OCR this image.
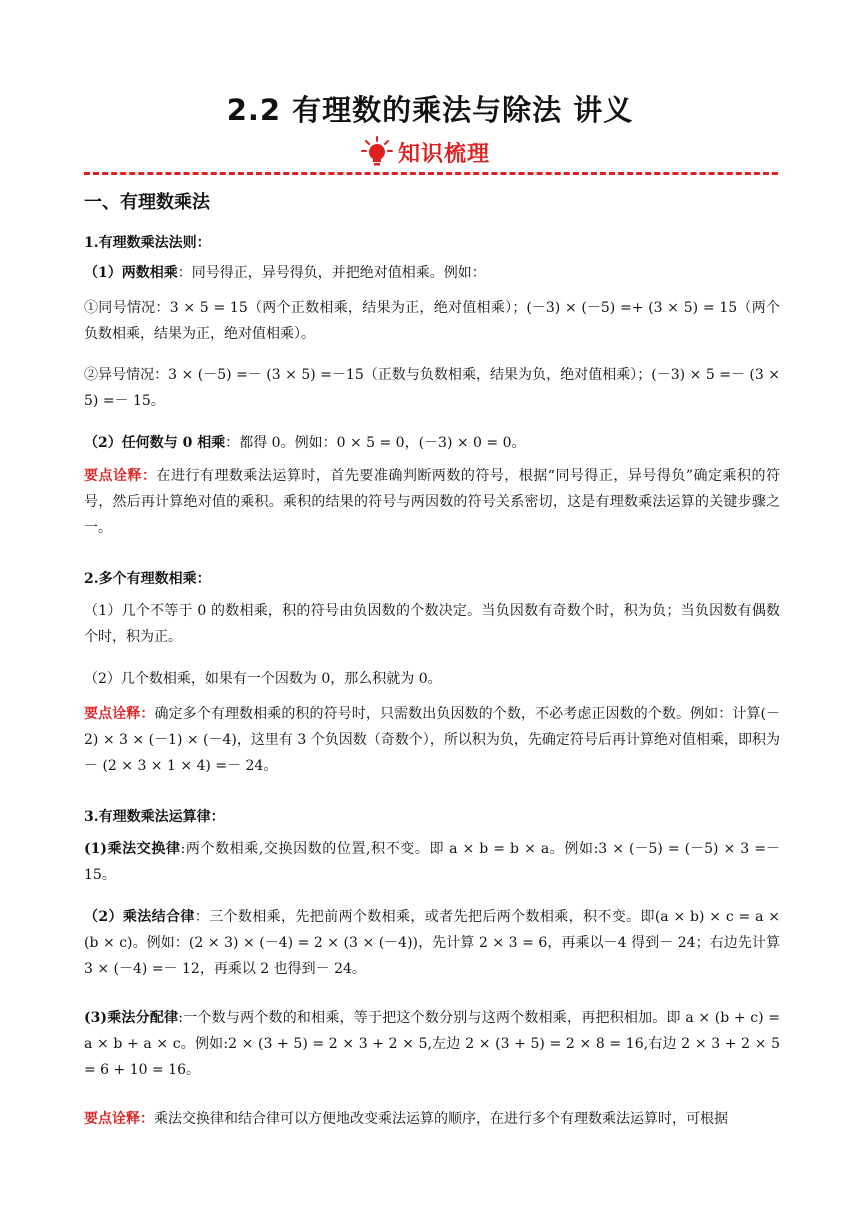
2.2 有理数的乘法与除法 讲义
知识梳理
一、有理数乘法
1.有理数乘法法则：
（1）两数相乘：同号得正，异号得负，并把绝对值相乘。例如：
①同号情况：3 × 5 = 15（两个正数相乘，结果为正，绝对值相乘）；(－3) × (－5) =+ (3 × 5) = 15（两个负数相乘，结果为正，绝对值相乘）。
②异号情况：3 × (－5) =－ (3 × 5) =－15（正数与负数相乘，结果为负，绝对值相乘）；(－3) × 5 =－ (3 × 5) =－ 15。
（2）任何数与 0 相乘：都得 0。例如：0 × 5 = 0，(－3) × 0 = 0。
要点诠释：在进行有理数乘法运算时，首先要准确判断两数的符号，根据“同号得正，异号得负”确定乘积的符号，然后再计算绝对值的乘积。乘积的结果的符号与两因数的符号关系密切，这是有理数乘法运算的关键步骤之一。
2.多个有理数相乘：
（1）几个不等于 0 的数相乘，积的符号由负因数的个数决定。当负因数有奇数个时，积为负；当负因数有偶数个时，积为正。
（2）几个数相乘，如果有一个因数为 0，那么积就为 0。
要点诠释：确定多个有理数相乘的积的符号时，只需数出负因数的个数，不必考虑正因数的个数。例如：计算(－2) × 3 × (－1) × (－4)，这里有 3 个负因数（奇数个），所以积为负，先确定符号后再计算绝对值相乘，即积为－ (2 × 3 × 1 × 4) =－ 24。
3.有理数乘法运算律：
(1)乘法交换律:两个数相乘,交换因数的位置,积不变。即 a × b = b × a。例如:3 × (－5) = (－5) × 3 =－15。
（2）乘法结合律：三个数相乘，先把前两个数相乘，或者先把后两个数相乘，积不变。即(a × b) × c = a × (b × c)。例如：(2 × 3) × (－4) = 2 × (3 × (－4))，先计算 2 × 3 = 6，再乘以－4 得到－ 24；右边先计算 3 × (－4) =－ 12，再乘以 2 也得到－ 24。
(3)乘法分配律:一个数与两个数的和相乘，等于把这个数分别与这两个数相乘，再把积相加。即 a × (b + c) = a × b + a × c。例如:2 × (3 + 5) = 2 × 3 + 2 × 5,左边 2 × (3 + 5) = 2 × 8 = 16,右边 2 × 3 + 2 × 5 = 6 + 10 = 16。
要点诠释：乘法交换律和结合律可以方便地改变乘法运算的顺序，在进行多个有理数乘法运算时，可根据
